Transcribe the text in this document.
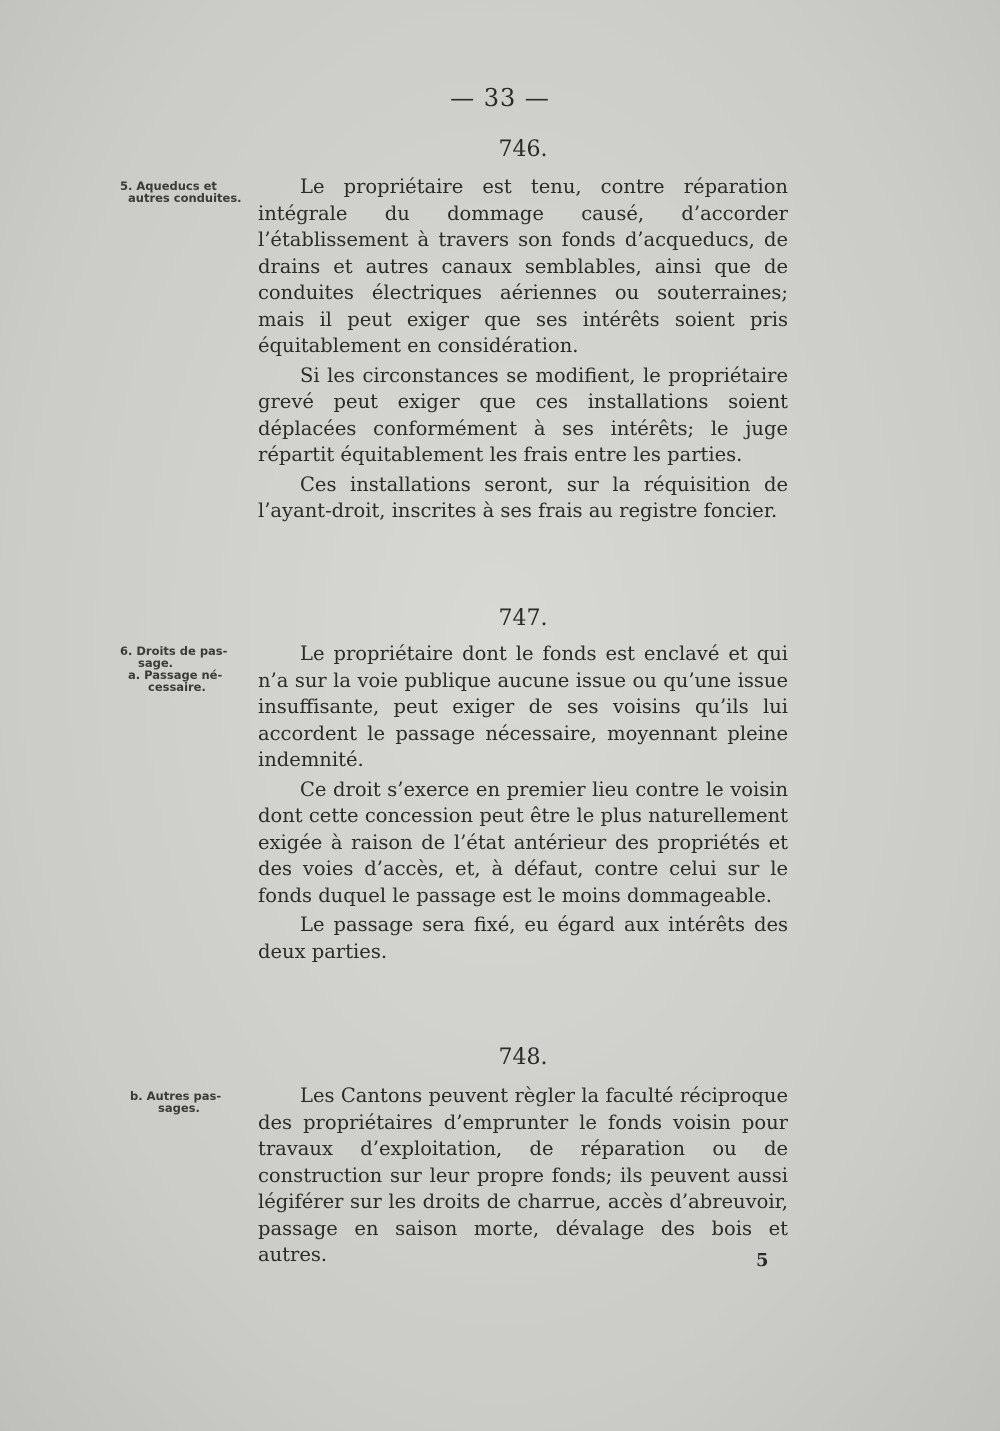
— 33 —
746.
5. Aqueducs et
autres conduites.	Le propriétaire est tenu, contre réparation intégrale du dommage causé, d’accorder l’établissement à travers son fonds d’acqueducs, de drains et autres canaux semblables, ainsi que de conduites électriques aériennes ou souterraines; mais il peut exiger que ses intérêts soient pris équitablement en considération.

Si les circonstances se modifient, le propriétaire grevé peut exiger que ces installations soient déplacées conformément à ses intérêts; le juge répartit équitablement les frais entre les parties.

Ces installations seront, sur la réquisition de l’ayant-droit, inscrites à ses frais au registre foncier.

747.
6. Droits de pas-
sage.
a. Passage né-
cessaire.

Le propriétaire dont le fonds est enclavé et qui n’a sur la voie publique aucune issue ou qu’une issue insuffisante, peut exiger de ses voisins qu’ils lui accordent le passage nécessaire, moyennant pleine indemnité.

Ce droit s’exerce en premier lieu contre le voisin dont cette concession peut être le plus naturellement exigée à raison de l’état antérieur des propriétés et des voies d’accès, et, à défaut, contre celui sur le fonds duquel le passage est le moins dommageable.

Le passage sera fixé, eu égard aux intérêts des deux parties.

748.
b. Autres pas-
sages.

Les Cantons peuvent règler la faculté réciproque des propriétaires d’emprunter le fonds voisin pour travaux d’exploitation, de réparation ou de construction sur leur propre fonds; ils peuvent aussi légiférer sur les droits de charrue, accès d’abreuvoir, passage en saison morte, dévalage des bois et autres.	5
